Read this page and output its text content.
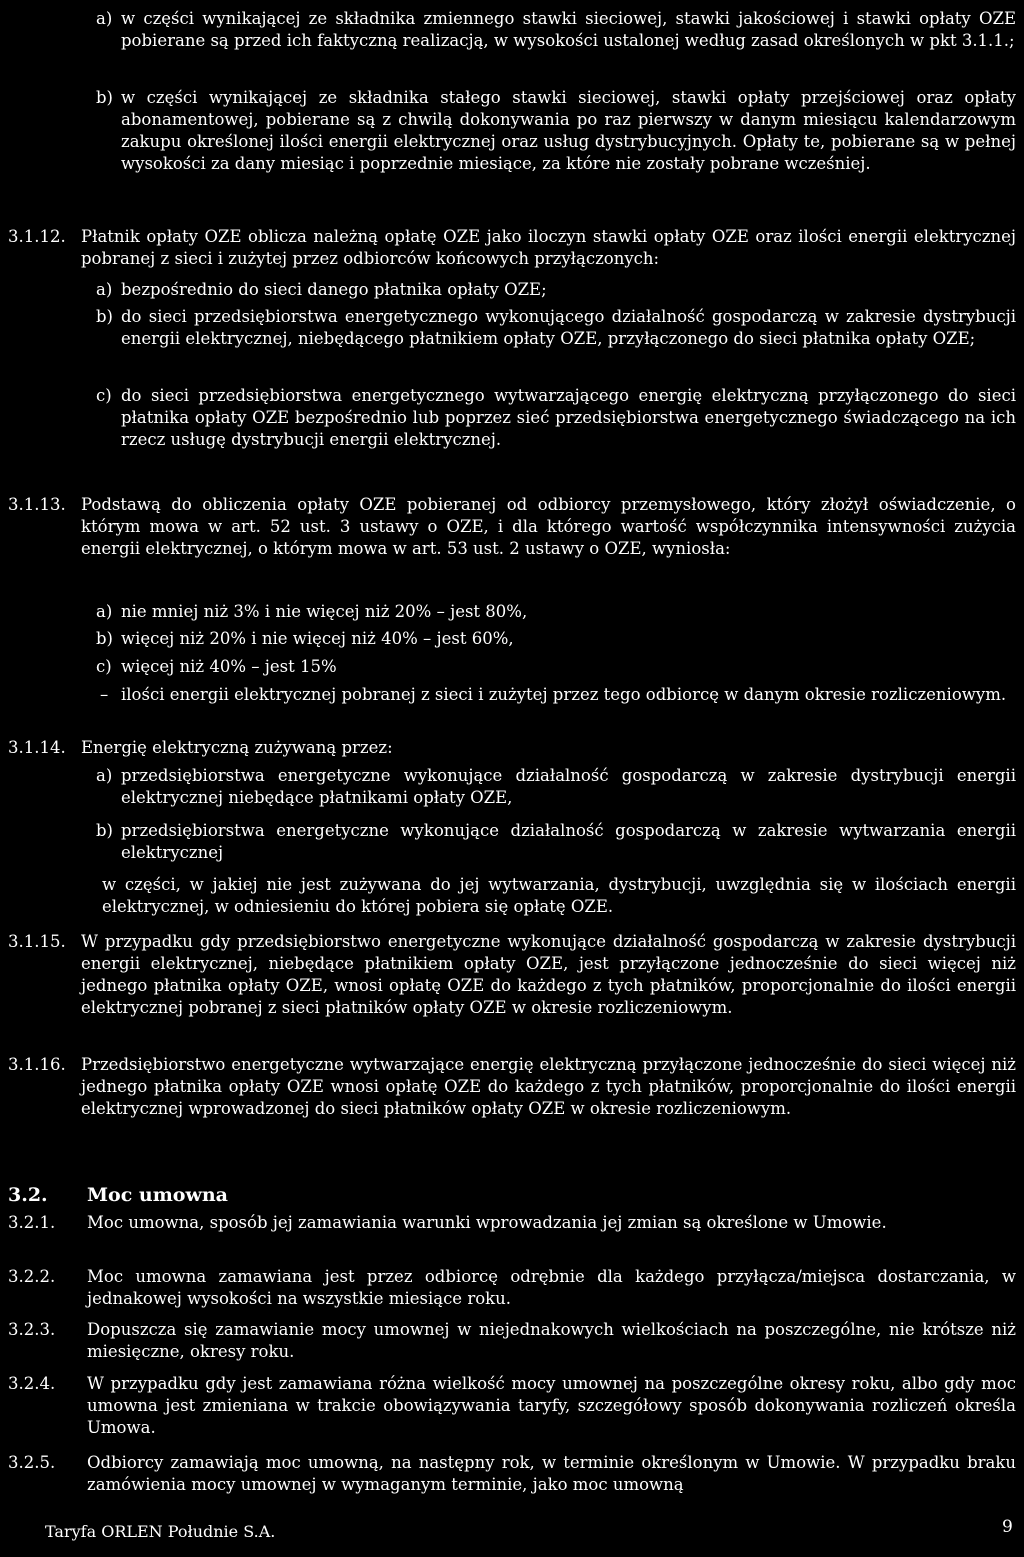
a) w części wynikającej ze składnika zmiennego stawki sieciowej, stawki jakościowej i stawki opłaty OZE pobierane są przed ich faktyczną realizacją, w wysokości ustalonej według zasad określonych w pkt 3.1.1.;

b) w części wynikającej ze składnika stałego stawki sieciowej, stawki opłaty przejściowej oraz opłaty abonamentowej, pobierane są z chwilą dokonywania po raz pierwszy w danym miesiącu kalendarzowym zakupu określonej ilości energii elektrycznej oraz usług dystrybucyjnych. Opłaty te, pobierane są w pełnej wysokości za dany miesiąc i poprzednie miesiące, za które nie zostały pobrane wcześniej.

3.1.12. Płatnik opłaty OZE oblicza należną opłatę OZE jako iloczyn stawki opłaty OZE oraz ilości energii elektrycznej pobranej z sieci i zużytej przez odbiorców końcowych przyłączonych:

a) bezpośrednio do sieci danego płatnika opłaty OZE;

b) do sieci przedsiębiorstwa energetycznego wykonującego działalność gospodarczą w zakresie dystrybucji energii elektrycznej, niebędącego płatnikiem opłaty OZE, przyłączonego do sieci płatnika opłaty OZE;

c) do sieci przedsiębiorstwa energetycznego wytwarzającego energię elektryczną przyłączonego do sieci płatnika opłaty OZE bezpośrednio lub poprzez sieć przedsiębiorstwa energetycznego świadczącego na ich rzecz usługę dystrybucji energii elektrycznej.

3.1.13. Podstawą do obliczenia opłaty OZE pobieranej od odbiorcy przemysłowego, który złożył oświadczenie, o którym mowa w art. 52 ust. 3 ustawy o OZE, i dla którego wartość współczynnika intensywności zużycia energii elektrycznej, o którym mowa w art. 53 ust. 2 ustawy o OZE, wyniosła:

a) nie mniej niż 3% i nie więcej niż 20% – jest 80%,

b) więcej niż 20% i nie więcej niż 40% – jest 60%,

c) więcej niż 40% – jest 15%

– ilości energii elektrycznej pobranej z sieci i zużytej przez tego odbiorcę w danym okresie rozliczeniowym.

3.1.14. Energię elektryczną zużywaną przez:

a) przedsiębiorstwa energetyczne wykonujące działalność gospodarczą w zakresie dystrybucji energii elektrycznej niebędące płatnikami opłaty OZE,

b) przedsiębiorstwa energetyczne wykonujące działalność gospodarczą w zakresie wytwarzania energii elektrycznej

w części, w jakiej nie jest zużywana do jej wytwarzania, dystrybucji, uwzględnia się w ilościach energii elektrycznej, w odniesieniu do której pobiera się opłatę OZE.

3.1.15. W przypadku gdy przedsiębiorstwo energetyczne wykonujące działalność gospodarczą w zakresie dystrybucji energii elektrycznej, niebędące płatnikiem opłaty OZE, jest przyłączone jednocześnie do sieci więcej niż jednego płatnika opłaty OZE, wnosi opłatę OZE do każdego z tych płatników, proporcjonalnie do ilości energii elektrycznej pobranej z sieci płatników opłaty OZE w okresie rozliczeniowym.

3.1.16. Przedsiębiorstwo energetyczne wytwarzające energię elektryczną przyłączone jednocześnie do sieci więcej niż jednego płatnika opłaty OZE wnosi opłatę OZE do każdego z tych płatników, proporcjonalnie do ilości energii elektrycznej wprowadzonej do sieci płatników opłaty OZE w okresie rozliczeniowym.

3.2. Moc umowna
3.2.1. Moc umowna, sposób jej zamawiania warunki wprowadzania jej zmian są określone w Umowie.

3.2.2. Moc umowna zamawiana jest przez odbiorcę odrębnie dla każdego przyłącza/miejsca dostarczania, w jednakowej wysokości na wszystkie miesiące roku.

3.2.3. Dopuszcza się zamawianie mocy umownej w niejednakowych wielkościach na poszczególne, nie krótsze niż miesięczne, okresy roku.

3.2.4. W przypadku gdy jest zamawiana różna wielkość mocy umownej na poszczególne okresy roku, albo gdy moc umowna jest zmieniana w trakcie obowiązywania taryfy, szczegółowy sposób dokonywania rozliczeń określa Umowa.

3.2.5. Odbiorcy zamawiają moc umowną, na następny rok, w terminie określonym w Umowie. W przypadku braku zamówienia mocy umownej w wymaganym terminie, jako moc umowną

Taryfa ORLEN Południe S.A.	9
